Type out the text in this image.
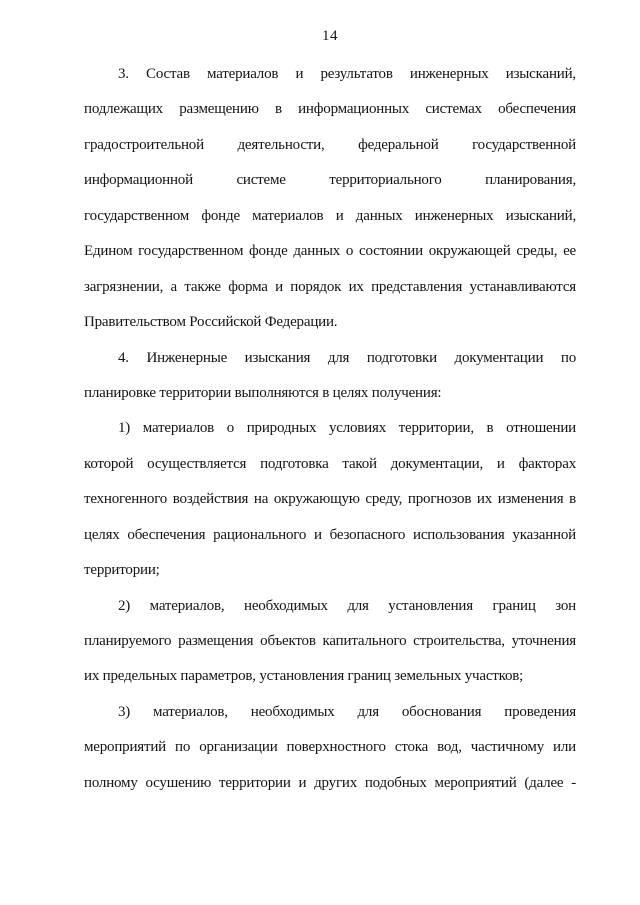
14
3. Состав материалов и результатов инженерных изысканий,
подлежащих размещению в информационных системах обеспечения
градостроительной деятельности, федеральной государственной
информационной системе территориального планирования,
государственном фонде материалов и данных инженерных изысканий,
Едином государственном фонде данных о состоянии окружающей среды, ее
загрязнении, а также форма и порядок их представления устанавливаются
Правительством Российской Федерации.
4. Инженерные изыскания для подготовки документации по
планировке территории выполняются в целях получения:
1) материалов о природных условиях территории, в отношении
которой осуществляется подготовка такой документации, и факторах
техногенного воздействия на окружающую среду, прогнозов их изменения в
целях обеспечения рационального и безопасного использования указанной
территории;
2) материалов, необходимых для установления границ зон
планируемого размещения объектов капитального строительства, уточнения
их предельных параметров, установления границ земельных участков;
3) материалов, необходимых для обоснования проведения
мероприятий по организации поверхностного стока вод, частичному или
полному осушению территории и других подобных мероприятий (далее -
